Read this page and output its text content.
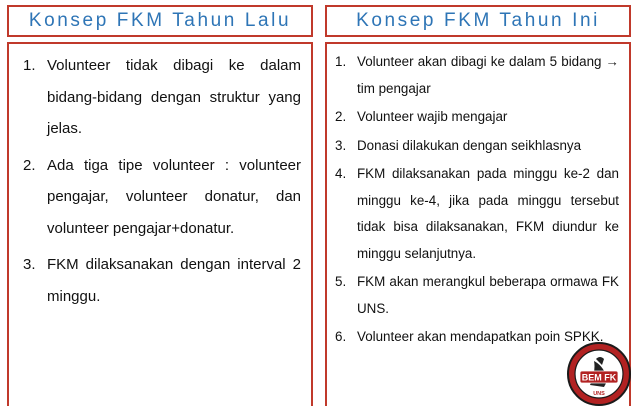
Konsep FKM Tahun Lalu	Konsep FKM Tahun Ini
1. Volunteer tidak dibagi ke dalam bidang-bidang dengan struktur yang jelas.
2. Ada tiga tipe volunteer : volunteer pengajar, volunteer donatur, dan volunteer pengajar+donatur.
3. FKM dilaksanakan dengan interval 2 minggu.
1. Volunteer akan dibagi ke dalam 5 bidang → tim pengajar
2. Volunteer wajib mengajar
3. Donasi dilakukan dengan seikhlasnya
4. FKM dilaksanakan pada minggu ke-2 dan minggu ke-4, jika pada minggu tersebut tidak bisa dilaksanakan, FKM diundur ke minggu selanjutnya.
5. FKM akan merangkul beberapa ormawa FK UNS.
6. Volunteer akan mendapatkan poin SPKK.
BEM FK
UNS
